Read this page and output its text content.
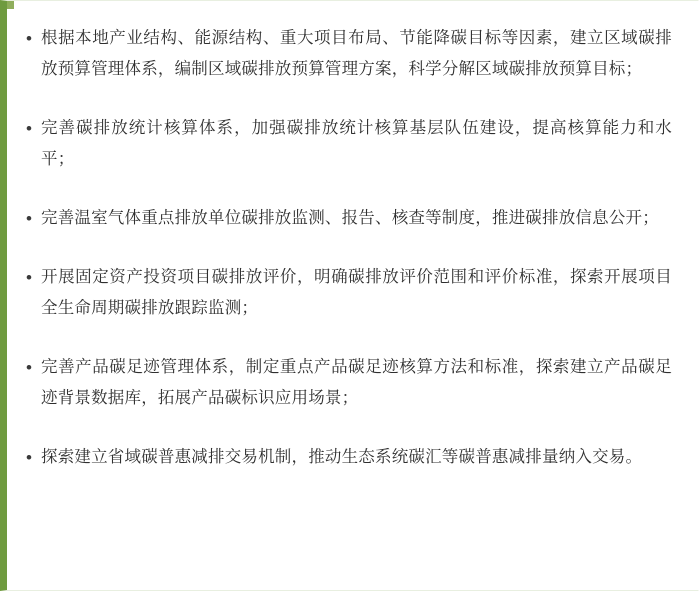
• 根据本地产业结构、能源结构、重大项目布局、节能降碳目标等因素，建立区域碳排放预算管理体系，编制区域碳排放预算管理方案，科学分解区域碳排放预算目标；
• 完善碳排放统计核算体系，加强碳排放统计核算基层队伍建设，提高核算能力和水平；
• 完善温室气体重点排放单位碳排放监测、报告、核查等制度，推进碳排放信息公开；
• 开展固定资产投资项目碳排放评价，明确碳排放评价范围和评价标准，探索开展项目全生命周期碳排放跟踪监测；
• 完善产品碳足迹管理体系，制定重点产品碳足迹核算方法和标准，探索建立产品碳足迹背景数据库，拓展产品碳标识应用场景；
• 探索建立省域碳普惠减排交易机制，推动生态系统碳汇等碳普惠减排量纳入交易。
